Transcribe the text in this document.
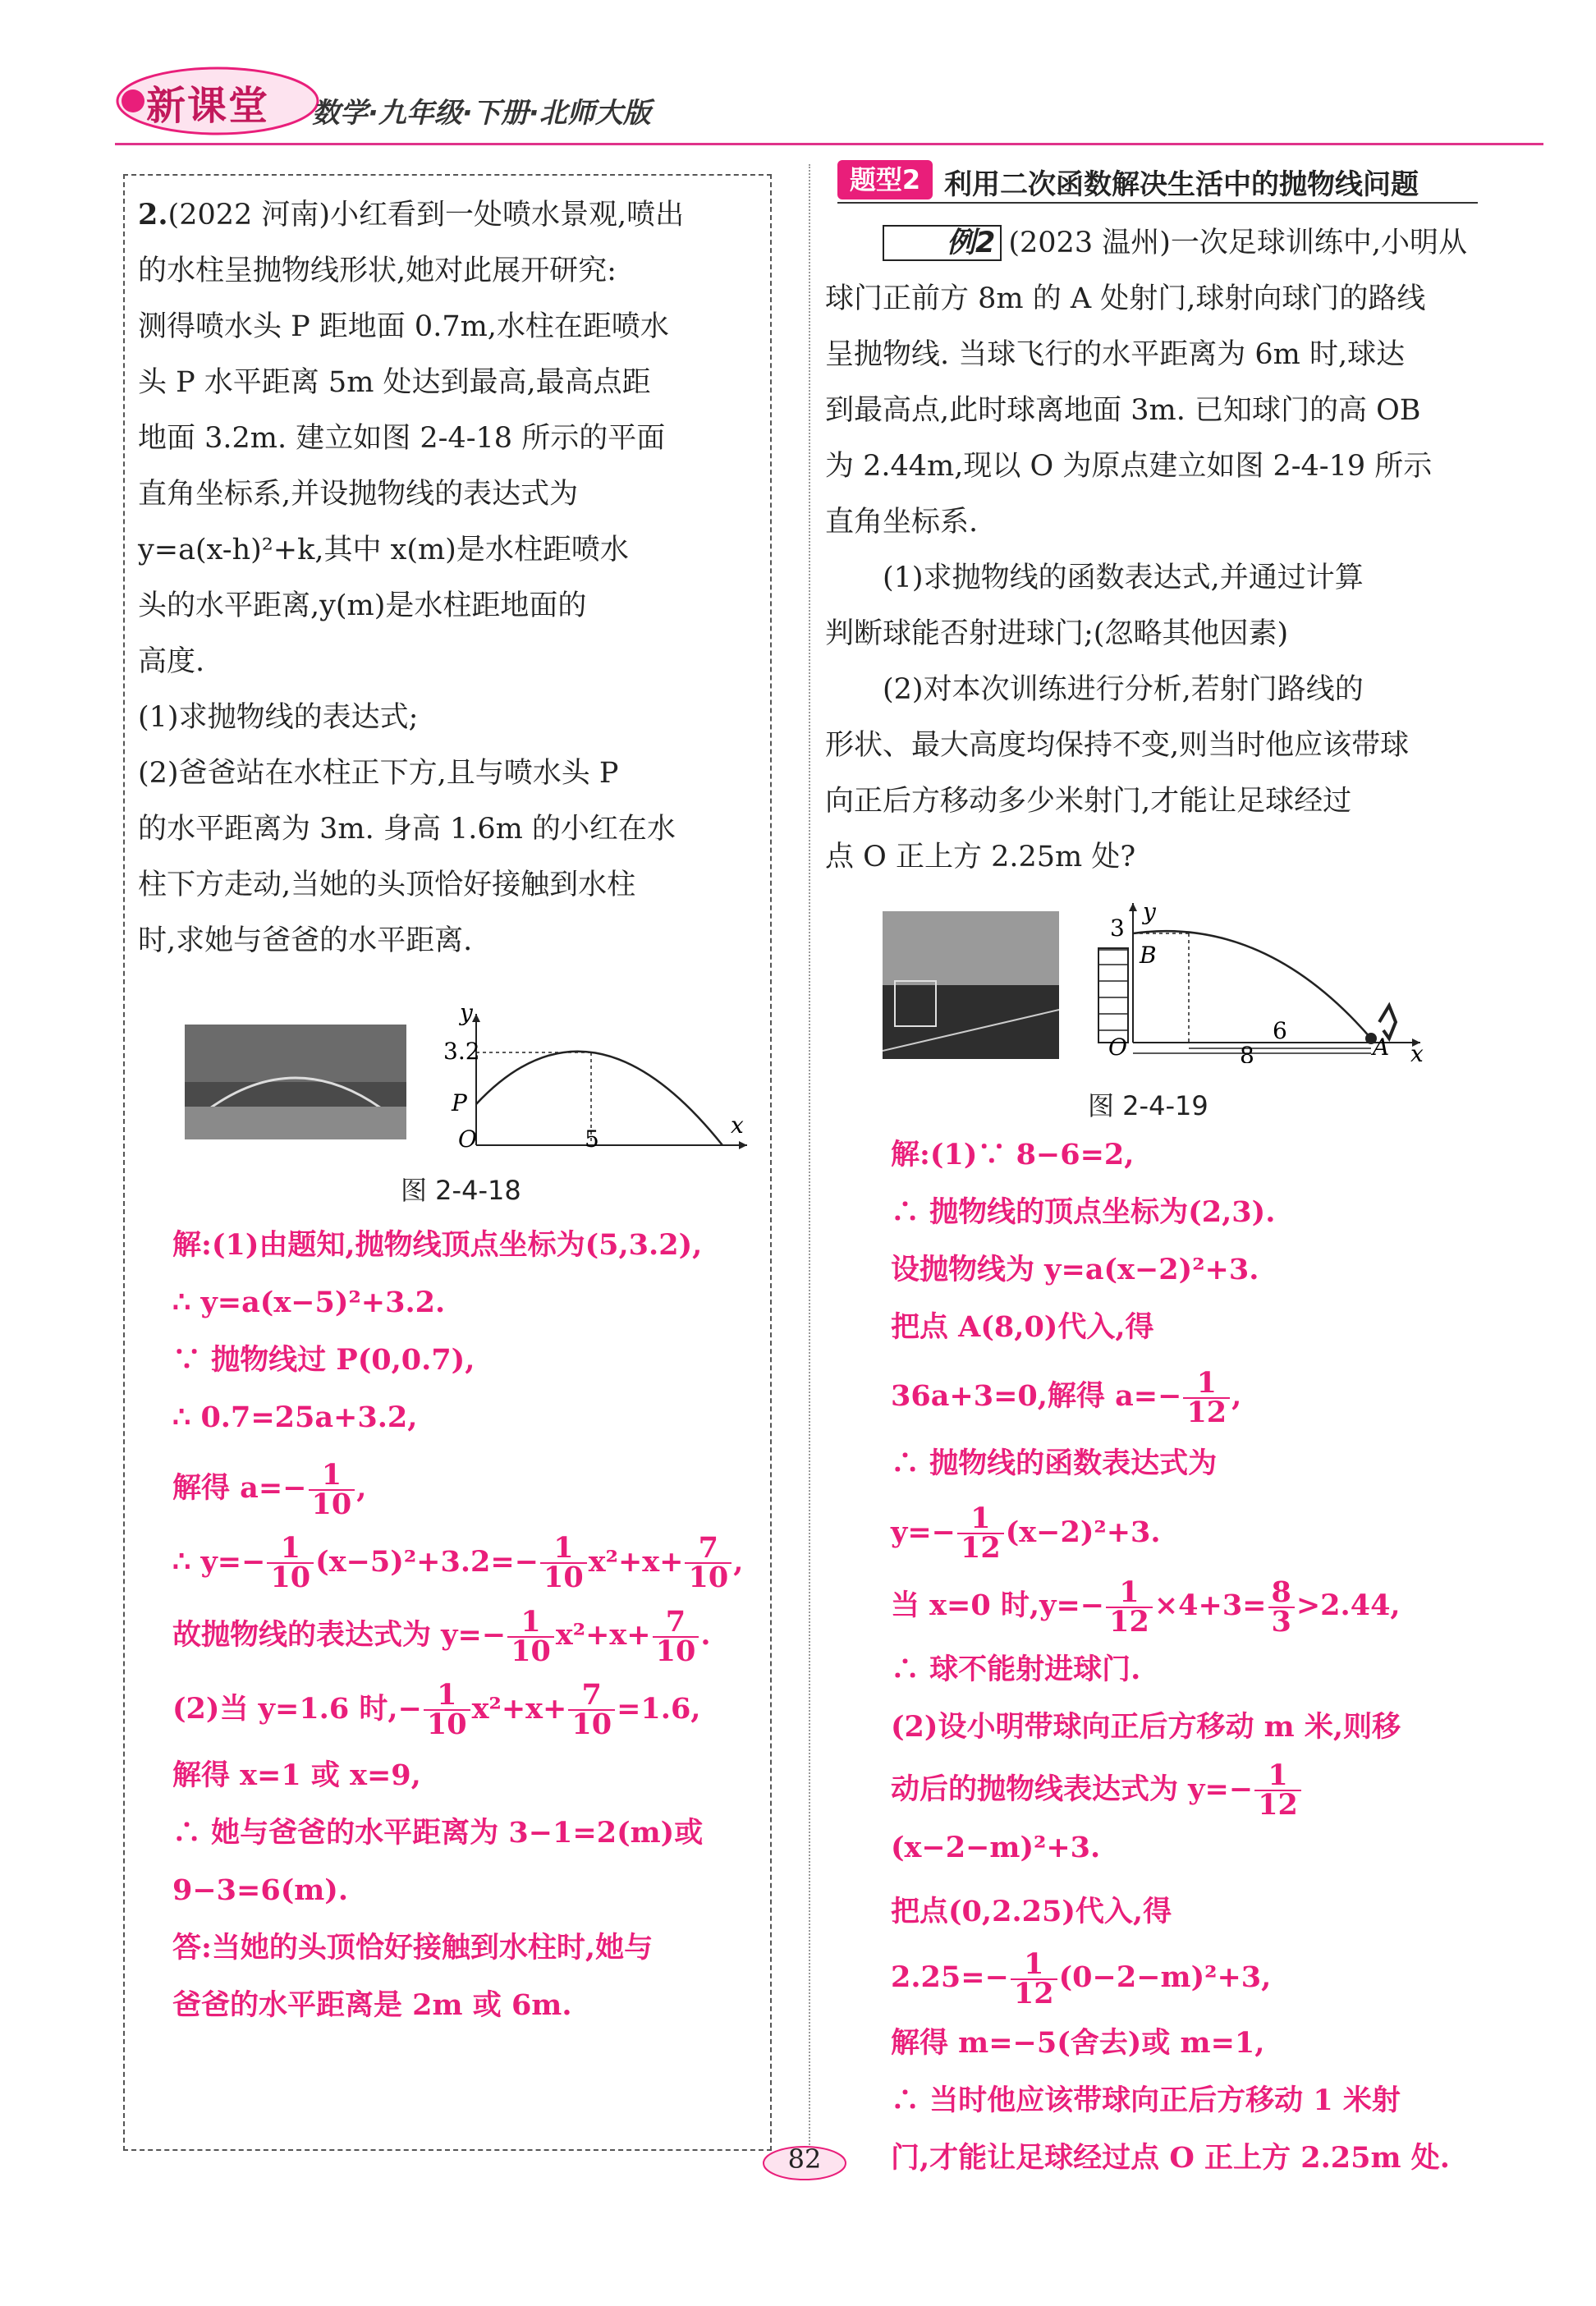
新课堂 数学·九年级·下册·北师大版
2.(2022 河南)小红看到一处喷水景观,喷出
的水柱呈抛物线形状,她对此展开研究:
测得喷水头 P 距地面 0.7m,水柱在距喷水
头 P 水平距离 5m 处达到最高,最高点距
地面 3.2m. 建立如图 2-4-18 所示的平面
直角坐标系,并设抛物线的表达式为
y=a(x-h)²+k,其中 x(m)是水柱距喷水
头的水平距离,y(m)是水柱距地面的
高度.
(1)求抛物线的表达式;
(2)爸爸站在水柱正下方,且与喷水头 P
的水平距离为 3m. 身高 1.6m 的小红在水
柱下方走动,当她的头顶恰好接触到水柱
时,求她与爸爸的水平距离.
3.2
P
O	5
x
y
图 2-4-18
解:(1)由题知,抛物线顶点坐标为(5,3.2),
∴ y=a(x−5)²+3.2.
∵ 抛物线过 P(0,0.7),
∴ 0.7=25a+3.2,
解得 $a=- \frac{1}{10}$ ,
∴ $y=- \frac{1}{10} (x-5)^2+3.2=- \frac{1}{10} x^2+x+ \frac{7}{10}$ ,
故抛物线的表达式为 $y=- \frac{1}{10} x^2+x+ \frac{7}{10}$ .
(2)当 y=1.6 时,− $\frac{1}{10} x^2+x+ \frac{7}{10} =1.6$,
解得 x=1 或 x=9,
∴ 她与爸爸的水平距离为 3−1=2(m)或
9−3=6(m).
答:当她的头顶恰好接触到水柱时,她与
爸爸的水平距离是 2m 或 6m.
题型2 利用二次函数解决生活中的抛物线问题
例2 (2023 温州)一次足球训练中,小明从
球门正前方 8m 的 A 处射门,球射向球门的路线
呈抛物线. 当球飞行的水平距离为 6m 时,球达
到最高点,此时球离地面 3m. 已知球门的高 OB
为 2.44m,现以 O 为原点建立如图 2-4-19 所示
直角坐标系.
(1)求抛物线的函数表达式,并通过计算
判断球能否射进球门;(忽略其他因素)
(2)对本次训练进行分析,若射门路线的
形状、最大高度均保持不变,则当时他应该带球
向正后方移动多少米射门,才能让足球经过
点 O 正上方 2.25m 处?
3
B
O	A x
y
8
6
图 2-4-19
解:(1)∵ 8−6=2,
∴ 抛物线的顶点坐标为(2,3).
设抛物线为 y=a(x−2)²+3.
把点 A(8,0)代入,得
36a+3=0,解得 $a=- \frac{1}{12}$ ,
∴ 抛物线的函数表达式为
$y=- \frac{1}{12} (x-2)^2+3$.
当 x=0 时$,y=- \frac{1}{12} \times 4+3= \frac{8}{3} >2.44$,
∴ 球不能射进球门.
(2)设小明带球向正后方移动 m 米,则移
动后的抛物线表达式为 $y=- \frac{1}{12}$
(x−2−m)²+3.
把点(0,2.25)代入,得
$2.25=- \frac{1}{12} (0-2-m)^2+3$,
解得 m=−5(舍去)或 m=1,
∴ 当时他应该带球向正后方移动 1 米射
门,才能让足球经过点 O 正上方 2.25m 处.
82
